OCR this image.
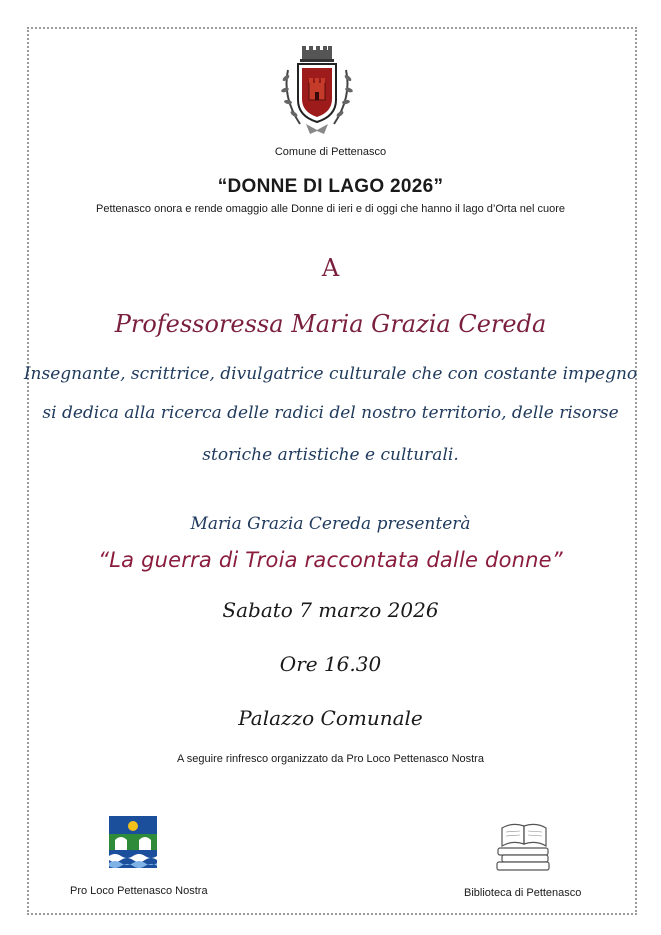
Comune di Pettenasco
“DONNE DI LAGO 2026”
Pettenasco onora e rende omaggio alle Donne di ieri e di oggi che hanno il lago d’Orta nel cuore
A
Professoressa Maria Grazia Cereda
Insegnante, scrittrice, divulgatrice culturale che con costante impegno
si dedica alla ricerca delle radici del nostro territorio, delle risorse
storiche artistiche e culturali.
Maria Grazia Cereda presenterà
“La guerra di Troia raccontata dalle donne”
Sabato 7 marzo 2026
Ore 16.30
Palazzo Comunale
A seguire rinfresco organizzato da Pro Loco Pettenasco Nostra
Pro Loco Pettenasco Nostra	Biblioteca di Pettenasco
